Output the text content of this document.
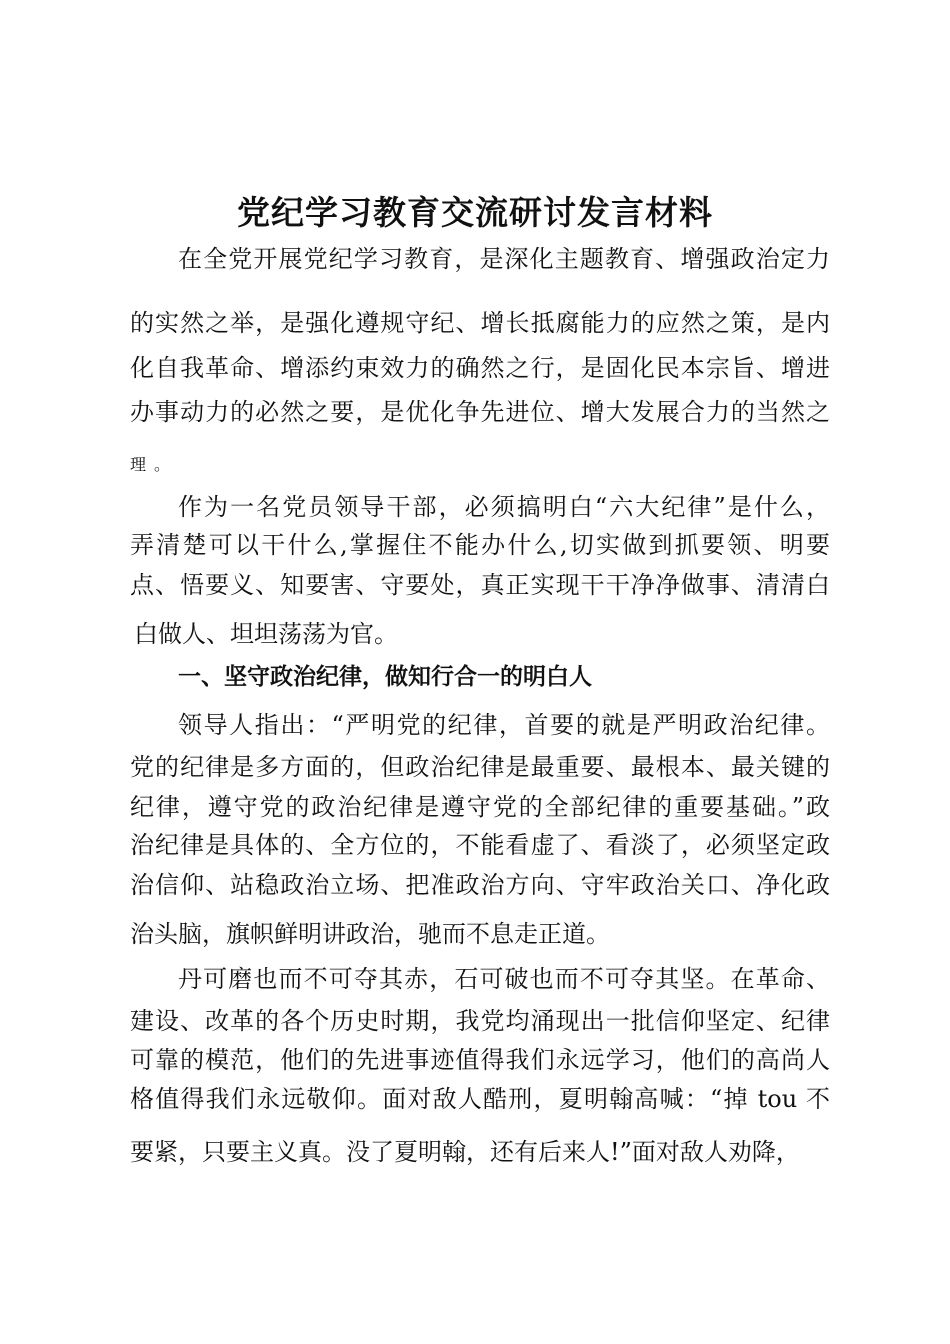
党纪学习教育交流研讨发言材料

在全党开展党纪学习教育，是深化主题教育、增强政治定力

的实然之举，是强化遵规守纪、增长抵腐能力的应然之策，是内

化自我革命、增添约束效力的确然之行，是固化民本宗旨、增进

办事动力的必然之要，是优化争先进位、增大发展合力的当然之

理。

作为一名党员领导干部，必须搞明白“六大纪律”是什么，

弄清楚可以干什么,掌握住不能办什么,切实做到抓要领、明要

点、悟要义、知要害、守要处，真正实现干干净净做事、清清白

白做人、坦坦荡荡为官。

一、坚守政治纪律，做知行合一的明白人

领导人指出：“严明党的纪律，首要的就是严明政治纪律。

党的纪律是多方面的，但政治纪律是最重要、最根本、最关键的

纪律，遵守党的政治纪律是遵守党的全部纪律的重要基础。”政

治纪律是具体的、全方位的，不能看虚了、看淡了，必须坚定政

治信仰、站稳政治立场、把准政治方向、守牢政治关口、净化政

治头脑，旗帜鲜明讲政治，驰而不息走正道。

丹可磨也而不可夺其赤，石可破也而不可夺其坚。在革命、

建设、改革的各个历史时期，我党均涌现出一批信仰坚定、纪律

可靠的模范，他们的先进事迹值得我们永远学习，他们的高尚人

格值得我们永远敬仰。面对敌人酷刑，夏明翰高喊：“掉 tou 不

要紧，只要主义真。没了夏明翰，还有后来人!”面对敌人劝降，
